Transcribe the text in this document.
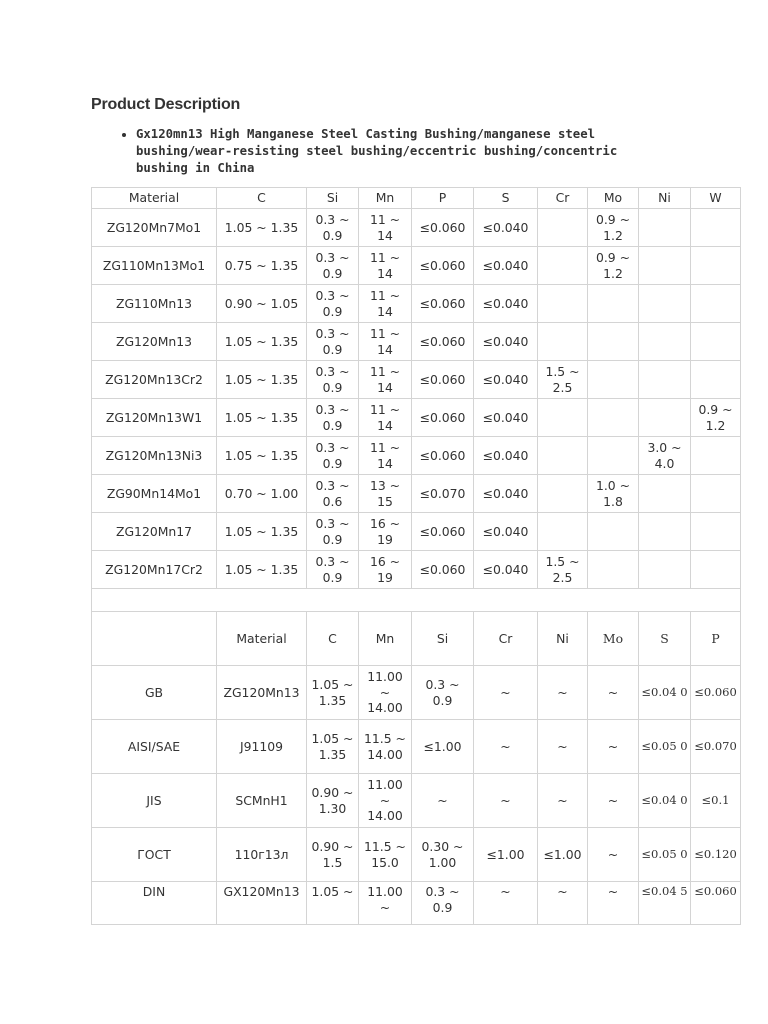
Product Description
• Gx120mn13 High Manganese Steel Casting Bushing/manganese steel bushing/wear-resisting steel bushing/eccentric bushing/concentric bushing in China
Material	C	Si	Mn	P	S	Cr	Mo	Ni	W
ZG120Mn7Mo1	1.05 ~ 1.35	0.3 ~ 0.9	11 ~ 14	≤0.060	≤0.040		0.9 ~ 1.2		
ZG110Mn13Mo1	0.75 ~ 1.35	0.3 ~ 0.9	11 ~ 14	≤0.060	≤0.040		0.9 ~ 1.2		
ZG110Mn13	0.90 ~ 1.05	0.3 ~ 0.9	11 ~ 14	≤0.060	≤0.040				
ZG120Mn13	1.05 ~ 1.35	0.3 ~ 0.9	11 ~ 14	≤0.060	≤0.040				
ZG120Mn13Cr2	1.05 ~ 1.35	0.3 ~ 0.9	11 ~ 14	≤0.060	≤0.040	1.5 ~ 2.5			
ZG120Mn13W1	1.05 ~ 1.35	0.3 ~ 0.9	11 ~ 14	≤0.060	≤0.040				0.9 ~ 1.2
ZG120Mn13Ni3	1.05 ~ 1.35	0.3 ~ 0.9	11 ~ 14	≤0.060	≤0.040			3.0 ~ 4.0	
ZG90Mn14Mo1	0.70 ~ 1.00	0.3 ~ 0.6	13 ~ 15	≤0.070	≤0.040		1.0 ~ 1.8		
ZG120Mn17	1.05 ~ 1.35	0.3 ~ 0.9	16 ~ 19	≤0.060	≤0.040				
ZG120Mn17Cr2	1.05 ~ 1.35	0.3 ~ 0.9	16 ~ 19	≤0.060	≤0.040	1.5 ~ 2.5			

	Material	C	Mn	Si	Cr	Ni	Mo	S	P
GB	ZG120Mn13	1.05 ~ 1.35	11.00 ~ 14.00	0.3 ~ 0.9	~	~	~	≤0.04 0	≤0.060
AISI/SAE	J91109	1.05 ~ 1.35	11.5 ~ 14.00	≤1.00	~	~	~	≤0.05 0	≤0.070
JIS	SCMnH1	0.90 ~ 1.30	11.00 ~ 14.00	~	~	~	~	≤0.04 0	≤0.1
ГОСТ	110г13л	0.90 ~ 1.5	11.5 ~ 15.0	0.30 ~ 1.00	≤1.00	≤1.00	~	≤0.05 0	≤0.120
DIN	GX120Mn13	1.05 ~	11.00 ~	0.3 ~ 0.9	~	~	~	≤0.04 5	≤0.060
